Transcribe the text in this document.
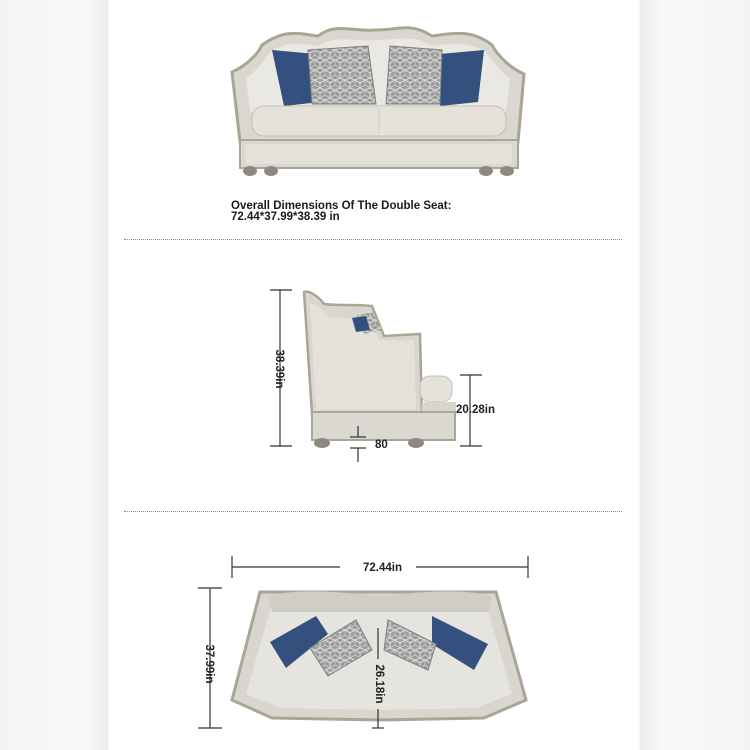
Overall Dimensions Of The Double Seat:
72.44*37.99*38.39 in
38.39in
20.28in
80
72.44in
37.99in
26.18in
